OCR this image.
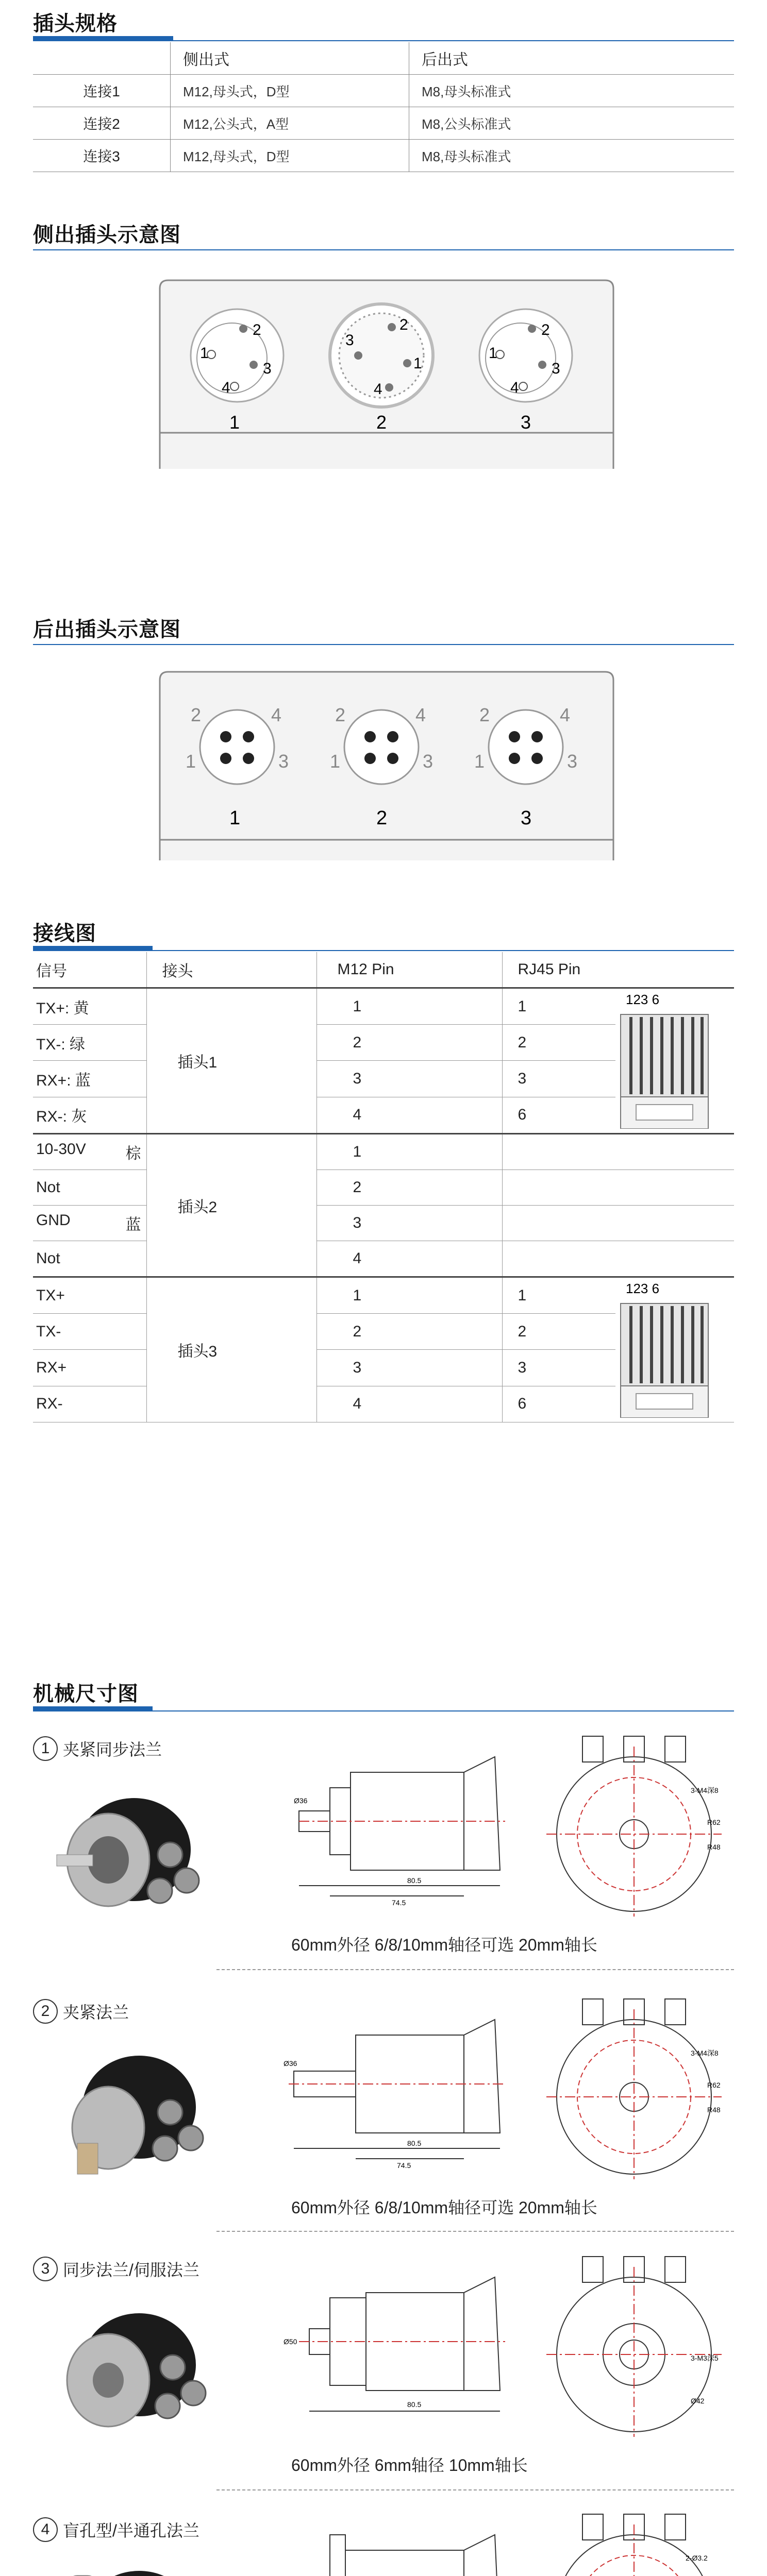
插头规格
	侧出式	后出式
连接1	M12,母头式，D型	M8,母头标准式
连接2	M12,公头式，A型	M8,公头标准式
连接3	M12,母头式，D型	M8,母头标准式
侧出插头示意图
1
2
3
4
2
3
1
4
1
2
3
4
1	2	3
后出插头示意图
2	4
1	3
2	4
1	3
2	4
1	3
1	2	3
接线图
信号	接头	M12 Pin	RJ45 Pin	
TX+: 黄	插头1	1	1	123 6

TX-: 绿		2	2	
RX+: 蓝		3	3	
RX-: 灰		4	6	
10-30V 棕	插头2	1		
Not		2		
GND 蓝		3		
Not		4		
TX+	插头3	1	1	123 6

TX-		2	2	
RX+		3	3	
RX-		4	6	
机械尺寸图
1 夹紧同步法兰
80.5
74.5
Ø36
R62
R48
3-M4深8
60mm外径 6/8/10mm轴径可选 20mm轴长
2 夹紧法兰
80.5
74.5
Ø36
R62
R48
3-M4深8
60mm外径 6/8/10mm轴径可选 20mm轴长
3 同步法兰/伺服法兰
80.5
Ø50
Ø42
3-M3深5
60mm外径 6mm轴径 10mm轴长
4 盲孔型/半通孔法兰
2-Ø3.2
